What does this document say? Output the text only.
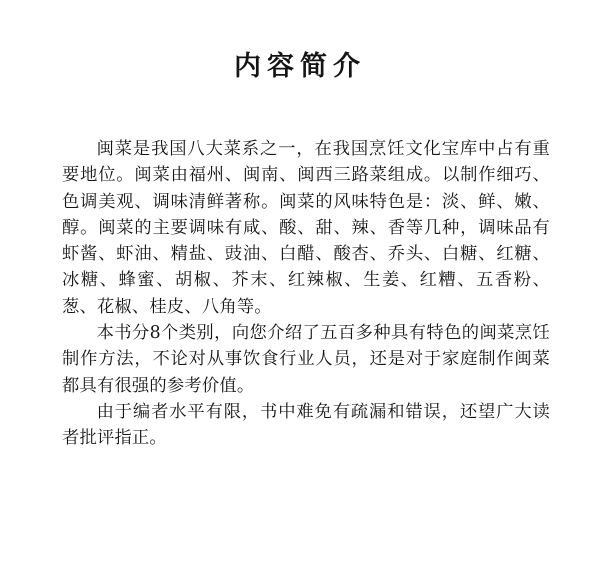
内容简介

闽菜是我国八大菜系之一，在我国烹饪文化宝库中占有重要地位。闽菜由福州、闽南、闽西三路菜组成。以制作细巧、色调美观、调味清鲜著称。闽菜的风味特色是：淡、鲜、嫩、醇。闽菜的主要调味有咸、酸、甜、辣、香等几种，调味品有虾酱、虾油、精盐、豉油、白醋、酸杏、乔头、白糖、红糖、冰糖、蜂蜜、胡椒、芥末、红辣椒、生姜、红糟、五香粉、葱、花椒、桂皮、八角等。

本书分8个类别，向您介绍了五百多种具有特色的闽菜烹饪制作方法，不论对从事饮食行业人员，还是对于家庭制作闽菜都具有很强的参考价值。

由于编者水平有限，书中难免有疏漏和错误，还望广大读者批评指正。
